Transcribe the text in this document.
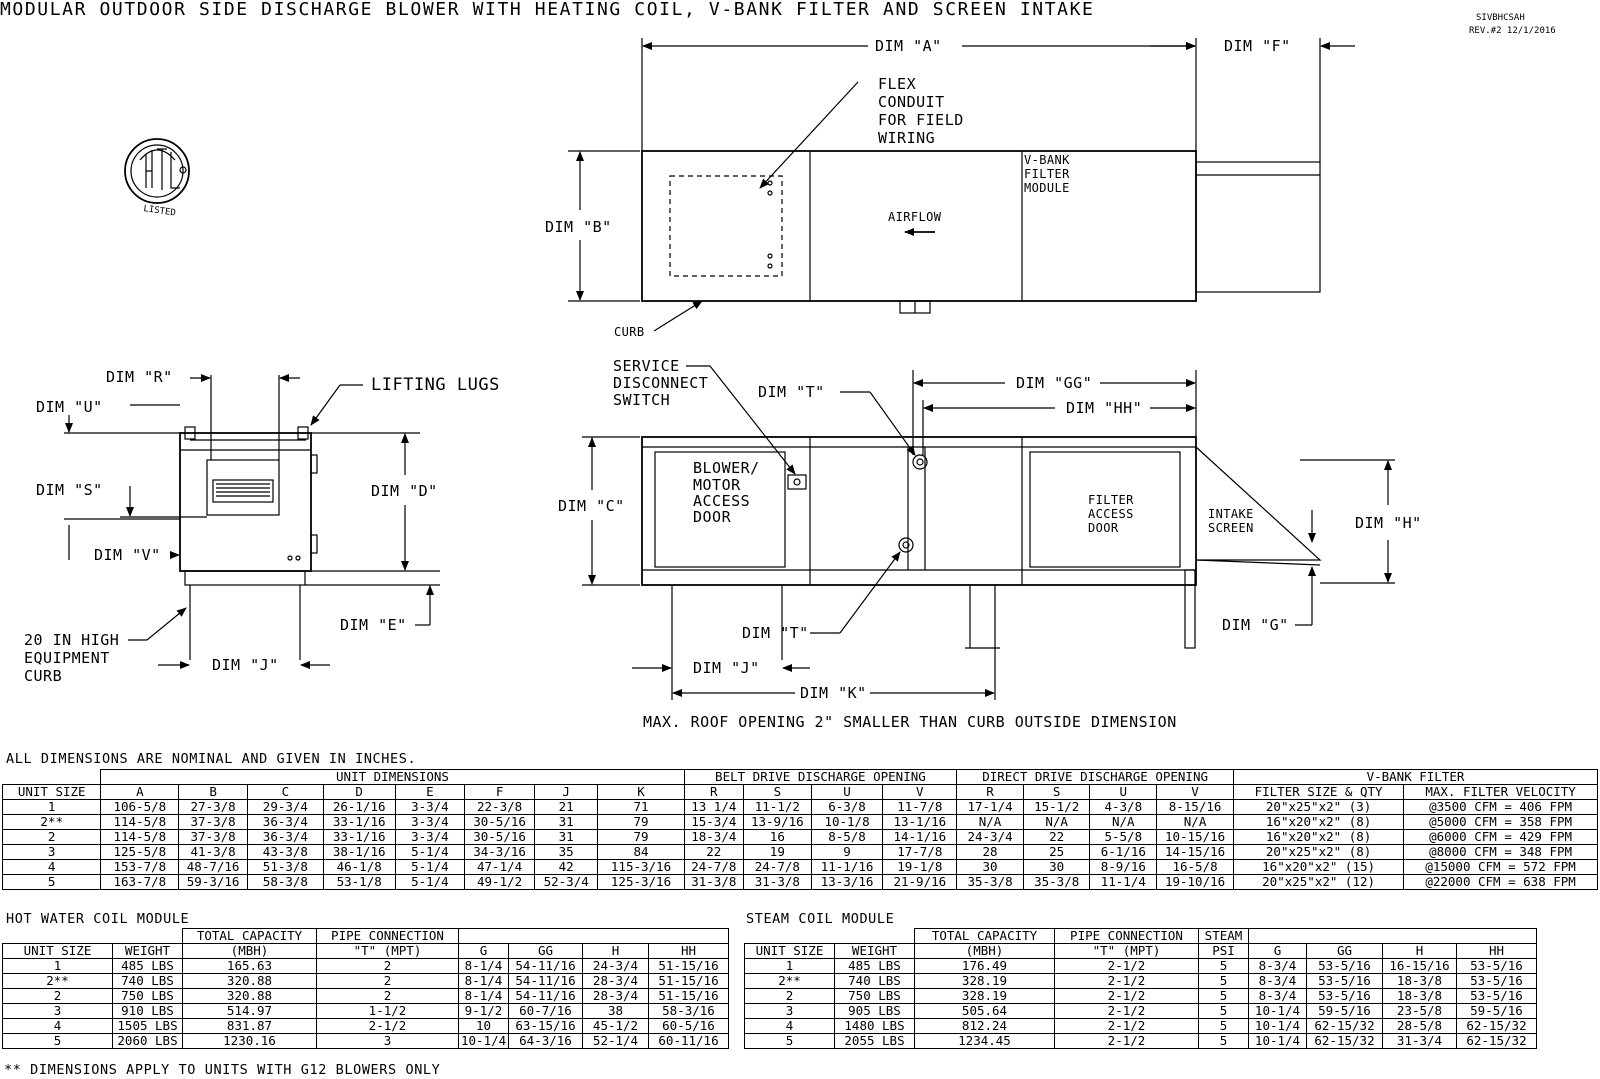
MODULAR OUTDOOR SIDE DISCHARGE BLOWER WITH HEATING COIL, V-BANK FILTER AND SCREEN INTAKE	SIVBHCSAH
REV.#2 12/1/2016
LISTED
DIM "A"	DIM "F"
DIM "B"
FLEX
CONDUIT
FOR FIELD
WIRING
V-BANK
FILTER
MODULE
AIRFLOW
CURB
DIM "R"
DIM "U"
DIM "S"
DIM "V"
DIM "D"
DIM "E"
DIM "J"
LIFTING LUGS
20 IN HIGH
EQUIPMENT
CURB
DIM "C"
DIM "GG"
DIM "HH"
DIM "T"
SERVICE
DISCONNECT
SWITCH
BLOWER/
MOTOR
ACCESS
DOOR
FILTER
ACCESS
DOOR
INTAKE
SCREEN	DIM "H"
DIM "G"
DIM "T"
DIM "J"
DIM "K"
MAX. ROOF OPENING 2" SMALLER THAN CURB OUTSIDE DIMENSION
ALL DIMENSIONS ARE NOMINAL AND GIVEN IN INCHES.
	UNIT DIMENSIONS								BELT DRIVE DISCHARGE OPENING				DIRECT DRIVE DISCHARGE OPENING				V-BANK FILTER	
UNIT SIZE	A	B	C	D	E	F	J	K	R	S	U	V	R	S	U	V	FILTER SIZE & QTY	MAX. FILTER VELOCITY
1	106-5/8	27-3/8	29-3/4	26-1/16	3-3/4	22-3/8	21	71	13 1/4	11-1/2	6-3/8	11-7/8	17-1/4	15-1/2	4-3/8	8-15/16	20"x25"x2" (3)	@3500 CFM = 406 FPM
2**	114-5/8	37-3/8	36-3/4	33-1/16	3-3/4	30-5/16	31	79	15-3/4	13-9/16	10-1/8	13-1/16	N/A	N/A	N/A	N/A	16"x20"x2" (8)	@5000 CFM = 358 FPM
2	114-5/8	37-3/8	36-3/4	33-1/16	3-3/4	30-5/16	31	79	18-3/4	16	8-5/8	14-1/16	24-3/4	22	5-5/8	10-15/16	16"x20"x2" (8)	@6000 CFM = 429 FPM
3	125-5/8	41-3/8	43-3/8	38-1/16	5-1/4	34-3/16	35	84	22	19	9	17-7/8	28	25	6-1/16	14-15/16	20"x25"x2" (8)	@8000 CFM = 348 FPM
4	153-7/8	48-7/16	51-3/8	46-1/8	5-1/4	47-1/4	42	115-3/16	24-7/8	24-7/8	11-1/16	19-1/8	30	30	8-9/16	16-5/8	16"x20"x2" (15)	@15000 CFM = 572 FPM
5	163-7/8	59-3/16	58-3/8	53-1/8	5-1/4	49-1/2	52-3/4	125-3/16	31-3/8	31-3/8	13-3/16	21-9/16	35-3/8	35-3/8	11-1/4	19-10/16	20"x25"x2" (12)	@22000 CFM = 638 FPM
HOT WATER COIL MODULE
		TOTAL CAPACITY	PIPE CONNECTION				
UNIT SIZE	WEIGHT	(MBH)	"T" (MPT)	G	GG	H	HH
1	485 LBS	165.63	2	8-1/4	54-11/16	24-3/4	51-15/16
2**	740 LBS	320.88	2	8-1/4	54-11/16	28-3/4	51-15/16
2	750 LBS	320.88	2	8-1/4	54-11/16	28-3/4	51-15/16
3	910 LBS	514.97	1-1/2	9-1/2	60-7/16	38	58-3/16
4	1505 LBS	831.87	2-1/2	10	63-15/16	45-1/2	60-5/16
5	2060 LBS	1230.16	3	10-1/4	64-3/16	52-1/4	60-11/16
STEAM COIL MODULE
		TOTAL CAPACITY	PIPE CONNECTION	STEAM				
UNIT SIZE	WEIGHT	(MBH)	"T" (MPT)	PSI	G	GG	H	HH
1	485 LBS	176.49	2-1/2	5	8-3/4	53-5/16	16-15/16	53-5/16
2**	740 LBS	328.19	2-1/2	5	8-3/4	53-5/16	18-3/8	53-5/16
2	750 LBS	328.19	2-1/2	5	8-3/4	53-5/16	18-3/8	53-5/16
3	905 LBS	505.64	2-1/2	5	10-1/4	59-5/16	23-5/8	59-5/16
4	1480 LBS	812.24	2-1/2	5	10-1/4	62-15/32	28-5/8	62-15/32
5	2055 LBS	1234.45	2-1/2	5	10-1/4	62-15/32	31-3/4	62-15/32
** DIMENSIONS APPLY TO UNITS WITH G12 BLOWERS ONLY
